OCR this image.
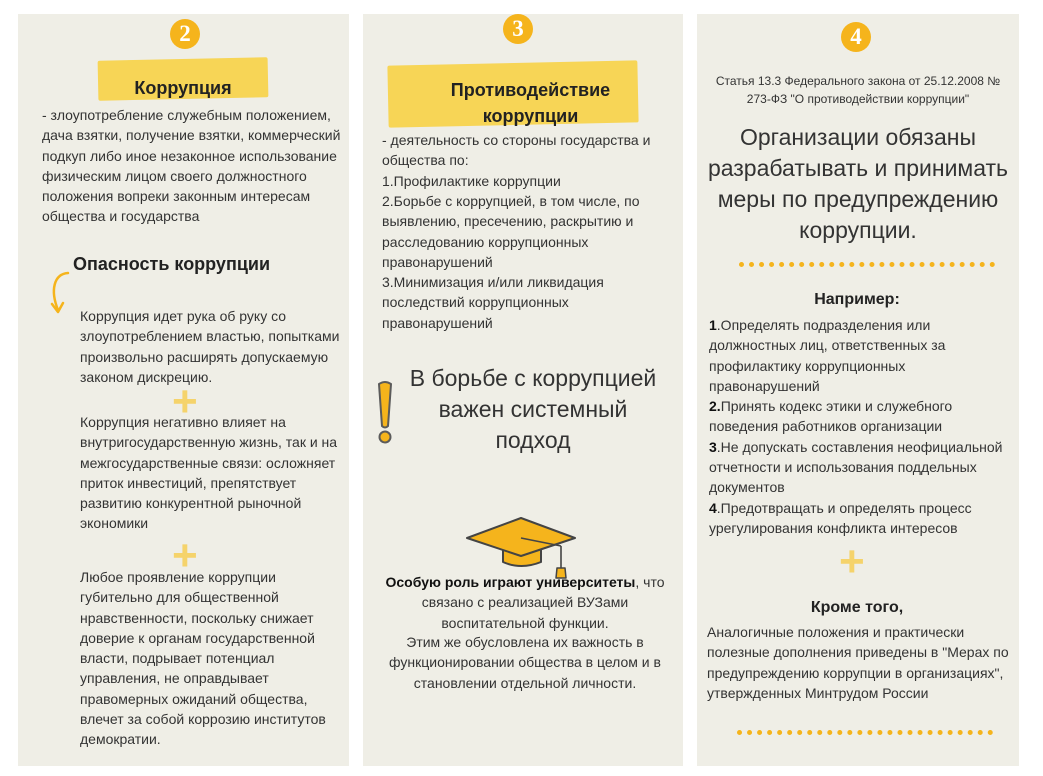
2
Коррупция
- злоупотребление служебным положением, дача взятки, получение взятки, коммерческий подкуп либо иное незаконное использование физическим лицом своего должностного положения вопреки законным интересам общества и государства
Опасность коррупции
Коррупция идет рука об руку со злоупотреблением властью, попытками произвольно расширять допускаемую законом дискрецию.
+
Коррупция негативно влияет на внутригосударственную жизнь, так и на межгосударственные связи: осложняет приток инвестиций, препятствует развитию конкурентной рыночной экономики
+
Любое проявление коррупции губительно для общественной нравственности, поскольку снижает доверие к органам государственной власти, подрывает потенциал управления, не оправдывает правомерных ожиданий общества, влечет за собой коррозию институтов демократии.
3
Противодействие
коррупции
- деятельность со стороны государства и общества по:
1.Профилактике коррупции
2.Борьбе с коррупцией, в том числе, по выявлению, пресечению, раскрытию и расследованию коррупционных правонарушений
3.Минимизация и/или ликвидация последствий коррупционных правонарушений
В борьбе с коррупцией важен системный подход
Особую роль играют университеты, что связано с реализацией ВУЗами воспитательной функции.
Этим же обусловлена их важность в функционировании общества в целом и в становлении отдельной личности.
4
Статья 13.3 Федерального закона от 25.12.2008 № 273-ФЗ "О противодействии коррупции"
Организации обязаны разрабатывать и принимать меры по предупреждению коррупции.
Например:
1.Определять подразделения или должностных лиц, ответственных за профилактику коррупционных правонарушений
2.Принять кодекс этики и служебного поведения работников организации
3.Не допускать составления неофициальной отчетности и использования поддельных документов
4.Предотвращать и определять процесс урегулирования конфликта интересов
+
Кроме того,
Аналогичные положения и практически полезные дополнения приведены в "Мерах по предупреждению коррупции в организациях", утвержденных Минтрудом России
